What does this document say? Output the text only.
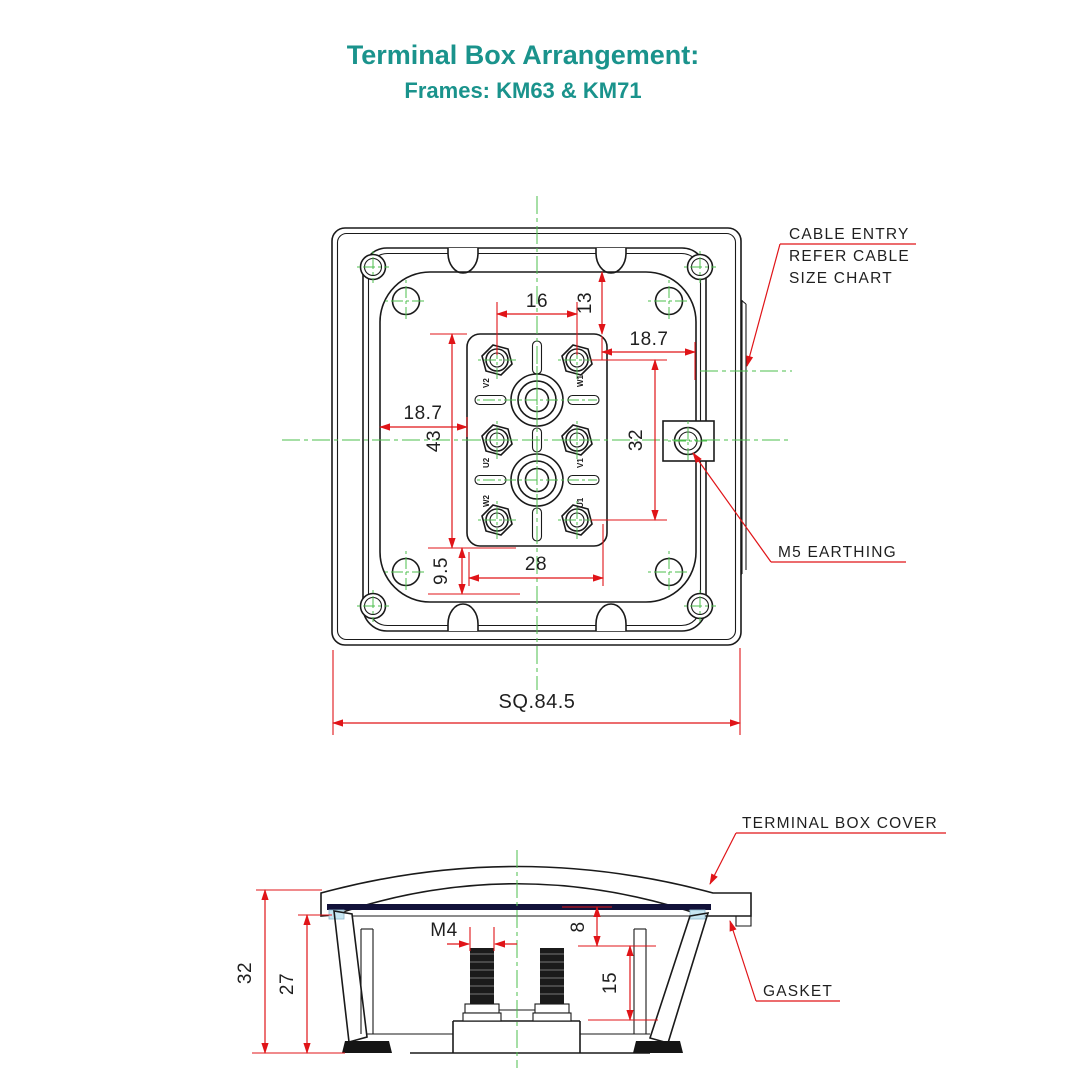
Terminal Box Arrangement:
Frames: KM63 & KM71
V2	W1
U2	V1
W2	U1
16 13
18.7
18.7
43	32
9.5	28
SQ.84.5
CABLE ENTRY
REFER CABLE
SIZE CHART
M5 EARTHING
32 27
M4	8
15
TERMINAL BOX COVER
GASKET
